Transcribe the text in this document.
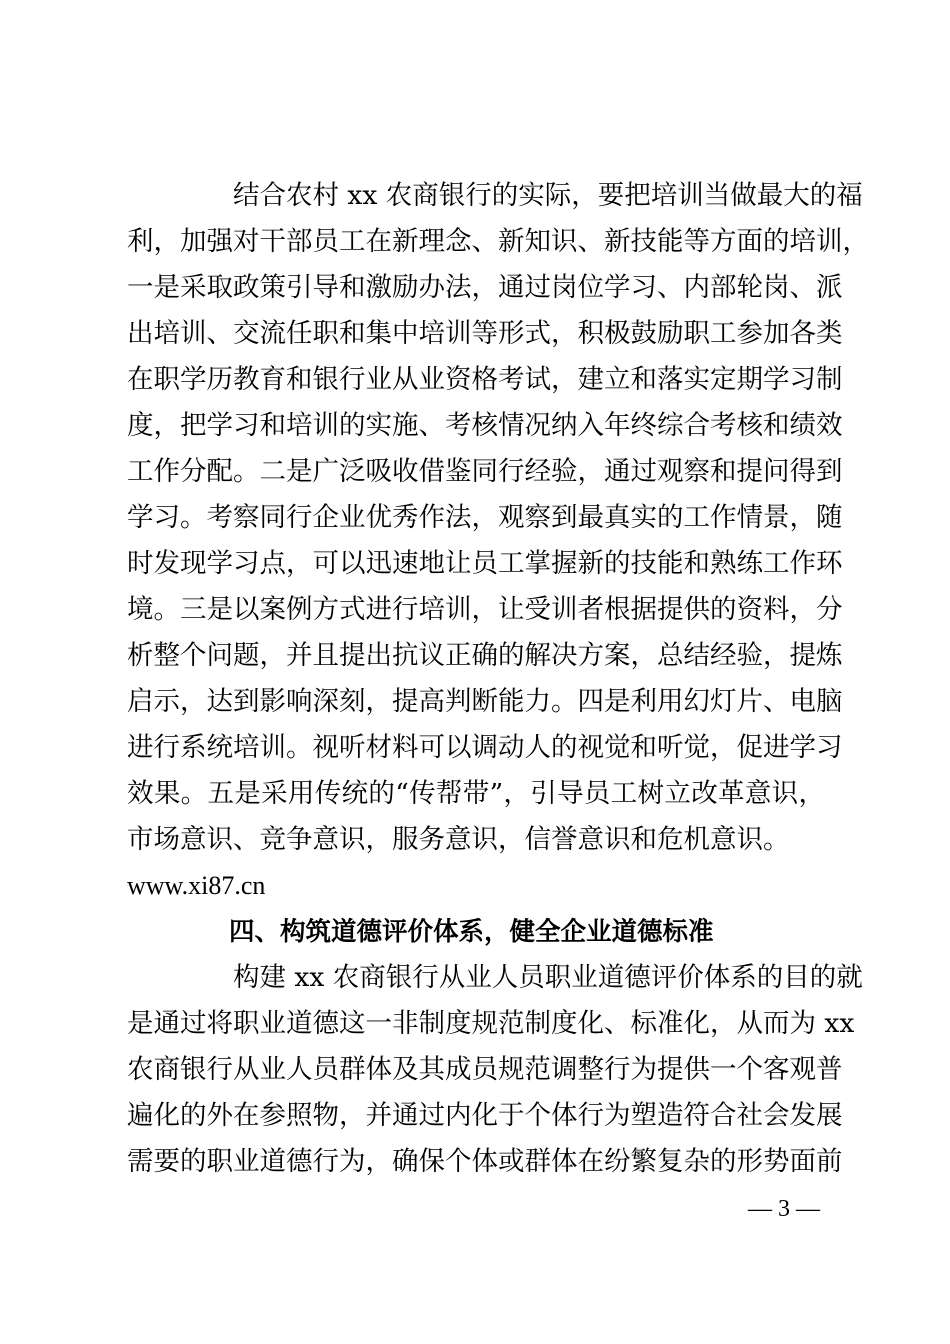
结合农村 xx 农商银行的实际，要把培训当做最大的福
利，加强对干部员工在新理念、新知识、新技能等方面的培训，
一是采取政策引导和激励办法，通过岗位学习、内部轮岗、派
出培训、交流任职和集中培训等形式，积极鼓励职工参加各类
在职学历教育和银行业从业资格考试，建立和落实定期学习制
度，把学习和培训的实施、考核情况纳入年终综合考核和绩效
工作分配。二是广泛吸收借鉴同行经验，通过观察和提问得到
学习。考察同行企业优秀作法，观察到最真实的工作情景，随
时发现学习点，可以迅速地让员工掌握新的技能和熟练工作环
境。三是以案例方式进行培训，让受训者根据提供的资料，分
析整个问题，并且提出抗议正确的解决方案，总结经验，提炼
启示，达到影响深刻，提高判断能力。四是利用幻灯片、电脑
进行系统培训。视听材料可以调动人的视觉和听觉，促进学习
效果。五是采用传统的“传帮带”，引导员工树立改革意识，
市场意识、竞争意识，服务意识，信誉意识和危机意识。
www.xi87.cn
四、构筑道德评价体系，健全企业道德标准
构建 xx 农商银行从业人员职业道德评价体系的目的就
是通过将职业道德这一非制度规范制度化、标准化，从而为 xx
农商银行从业人员群体及其成员规范调整行为提供一个客观普
遍化的外在参照物，并通过内化于个体行为塑造符合社会发展
需要的职业道德行为，确保个体或群体在纷繁复杂的形势面前
— 3 —
